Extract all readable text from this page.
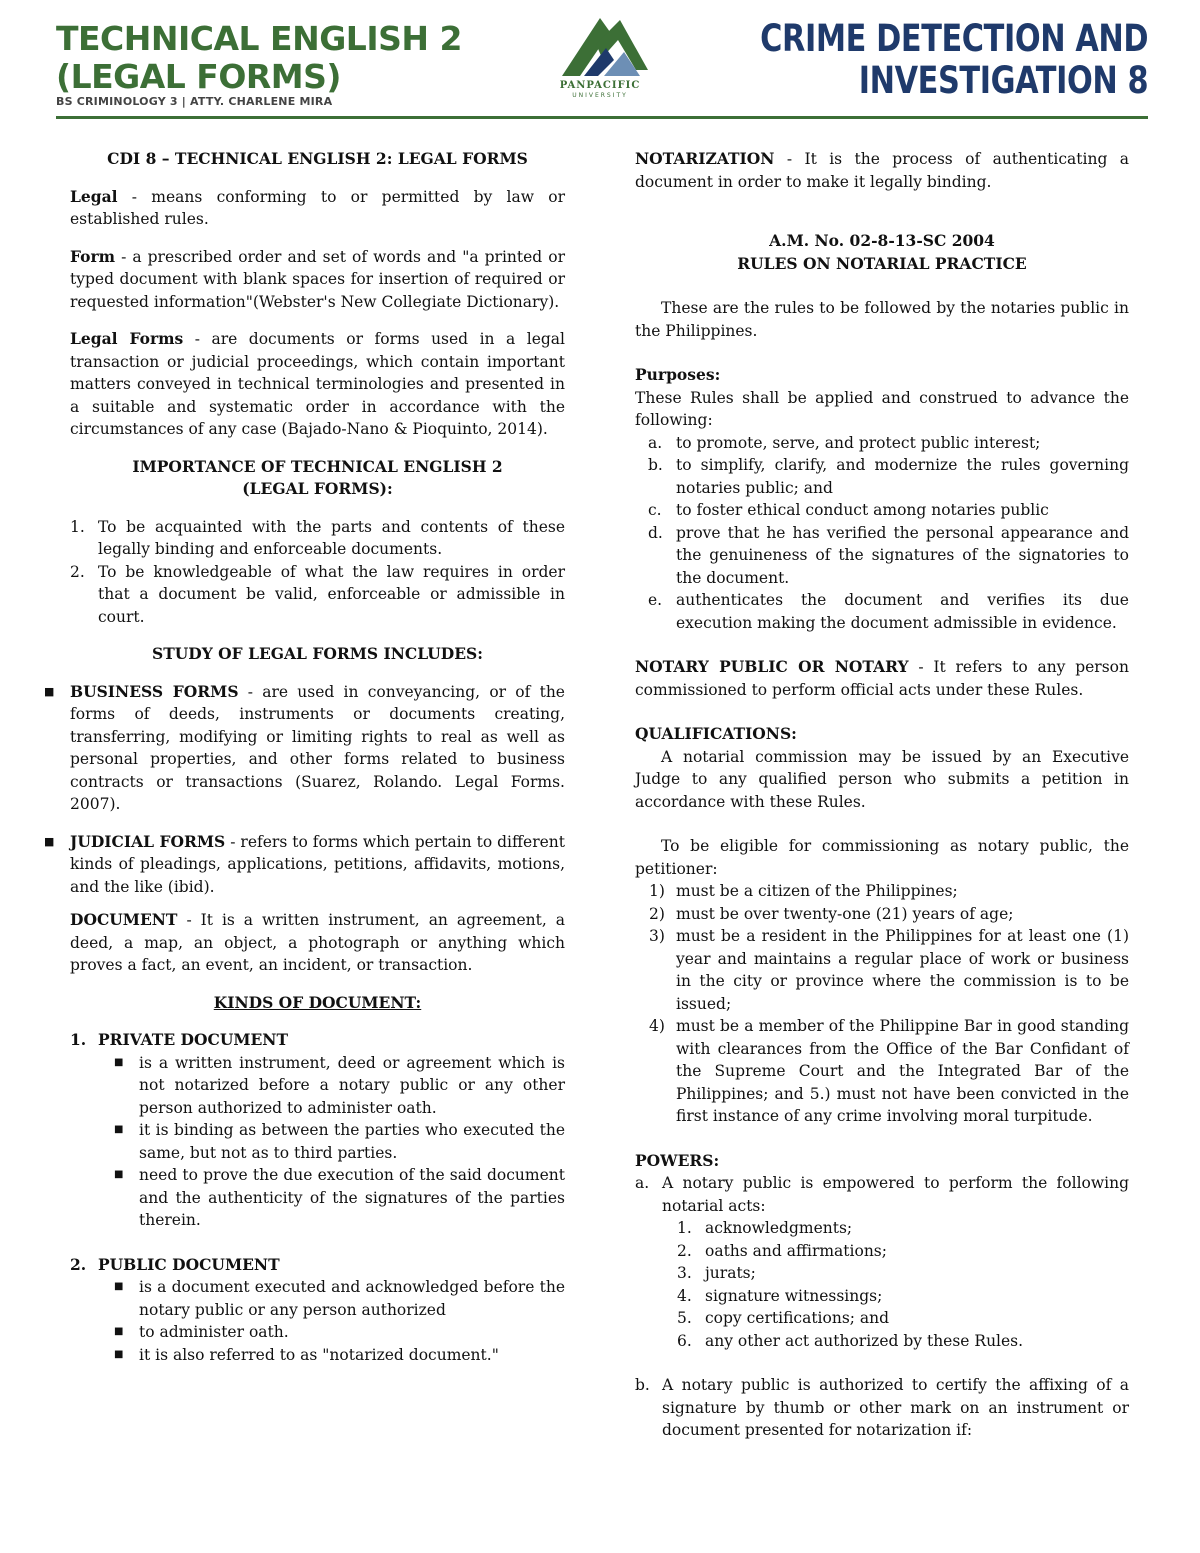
TECHNICAL ENGLISH 2
(LEGAL FORMS)
BS CRIMINOLOGY 3 | ATTY. CHARLENE MIRA
PANPACIFIC
UNIVERSITY
CRIME DETECTION AND
INVESTIGATION 8

CDI 8 – TECHNICAL ENGLISH 2: LEGAL FORMS

Legal - means conforming to or permitted by law or established rules.

Form - a prescribed order and set of words and "a printed or typed document with blank spaces for insertion of required or requested information"(Webster's New Collegiate Dictionary).

Legal Forms - are documents or forms used in a legal transaction or judicial proceedings, which contain important matters conveyed in technical terminologies and presented in a suitable and systematic order in accordance with the circumstances of any case (Bajado-Nano & Pioquinto, 2014).

IMPORTANCE OF TECHNICAL ENGLISH 2
(LEGAL FORMS):
1. To be acquainted with the parts and contents of these legally binding and enforceable documents.
2. To be knowledgeable of what the law requires in order that a document be valid, enforceable or admissible in court.
STUDY OF LEGAL FORMS INCLUDES:
■ BUSINESS FORMS - are used in conveyancing, or of the forms of deeds, instruments or documents creating, transferring, modifying or limiting rights to real as well as personal properties, and other forms related to business contracts or transactions (Suarez, Rolando. Legal Forms. 2007).
■ JUDICIAL FORMS - refers to forms which pertain to different kinds of pleadings, applications, petitions, affidavits, motions, and the like (ibid).

DOCUMENT - It is a written instrument, an agreement, a deed, a map, an object, a photograph or anything which proves a fact, an event, an incident, or transaction.

KINDS OF DOCUMENT:
1. PRIVATE DOCUMENT
■ is a written instrument, deed or agreement which is not notarized before a notary public or any other person authorized to administer oath.
■ it is binding as between the parties who executed the same, but not as to third parties.
■ need to prove the due execution of the said document and the authenticity of the signatures of the parties therein.
2. PUBLIC DOCUMENT
■ is a document executed and acknowledged before the notary public or any person authorized
■ to administer oath.
■ it is also referred to as "notarized document."

NOTARIZATION - It is the process of authenticating a document in order to make it legally binding.

A.M. No. 02-8-13-SC 2004
RULES ON NOTARIAL PRACTICE

These are the rules to be followed by the notaries public in the Philippines.

Purposes:

These Rules shall be applied and construed to advance the following:

a. to promote, serve, and protect public interest;
b. to simplify, clarify, and modernize the rules governing notaries public; and
c. to foster ethical conduct among notaries public
d. prove that he has verified the personal appearance and the genuineness of the signatures of the signatories to the document.
e. authenticates the document and verifies its due execution making the document admissible in evidence.

NOTARY PUBLIC OR NOTARY - It refers to any person commissioned to perform official acts under these Rules.

QUALIFICATIONS:

A notarial commission may be issued by an Executive Judge to any qualified person who submits a petition in accordance with these Rules.

To be eligible for commissioning as notary public, the petitioner:

1) must be a citizen of the Philippines;
2) must be over twenty-one (21) years of age;
3) must be a resident in the Philippines for at least one (1) year and maintains a regular place of work or business in the city or province where the commission is to be issued;
4) must be a member of the Philippine Bar in good standing with clearances from the Office of the Bar Confidant of the Supreme Court and the Integrated Bar of the Philippines; and 5.) must not have been convicted in the first instance of any crime involving moral turpitude.
POWERS:
a. A notary public is empowered to perform the following notarial acts:
1. acknowledgments;
2. oaths and affirmations;
3. jurats;
4. signature witnessings;
5. copy certifications; and
6. any other act authorized by these Rules.
b. A notary public is authorized to certify the affixing of a signature by thumb or other mark on an instrument or document presented for notarization if:
